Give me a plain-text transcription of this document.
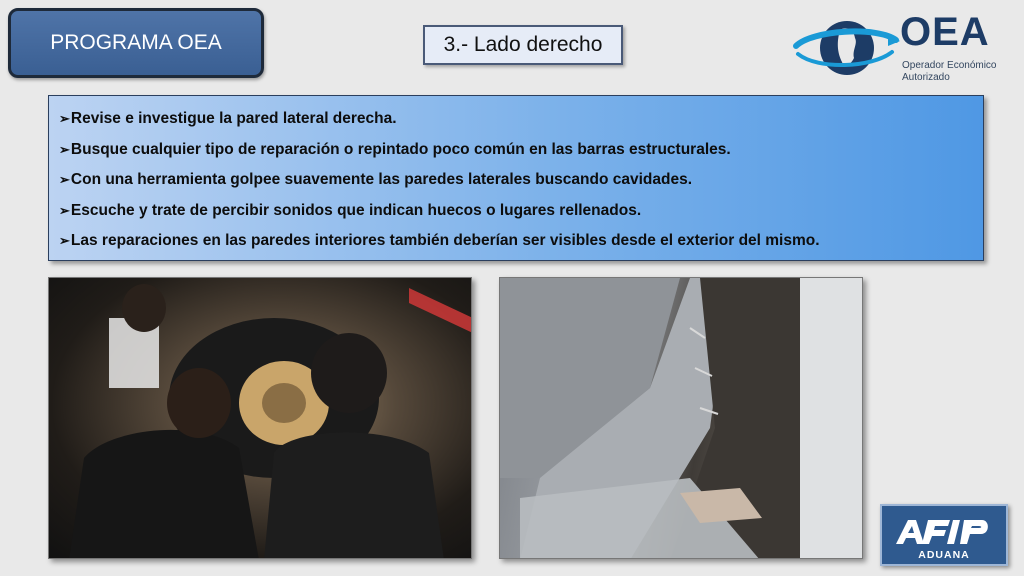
PROGRAMA OEA	3.- Lado derecho	OEA
Operador Económico
Autorizado
➢Revise e investigue la pared lateral derecha.
➢Busque cualquier tipo de reparación o repintado poco común en las barras estructurales.
➢Con una herramienta golpee suavemente las paredes laterales buscando cavidades.
➢Escuche y trate de percibir sonidos que indican huecos o lugares rellenados.
➢Las reparaciones en las paredes interiores también deberían ser visibles desde el exterior del mismo.
ADUANA
